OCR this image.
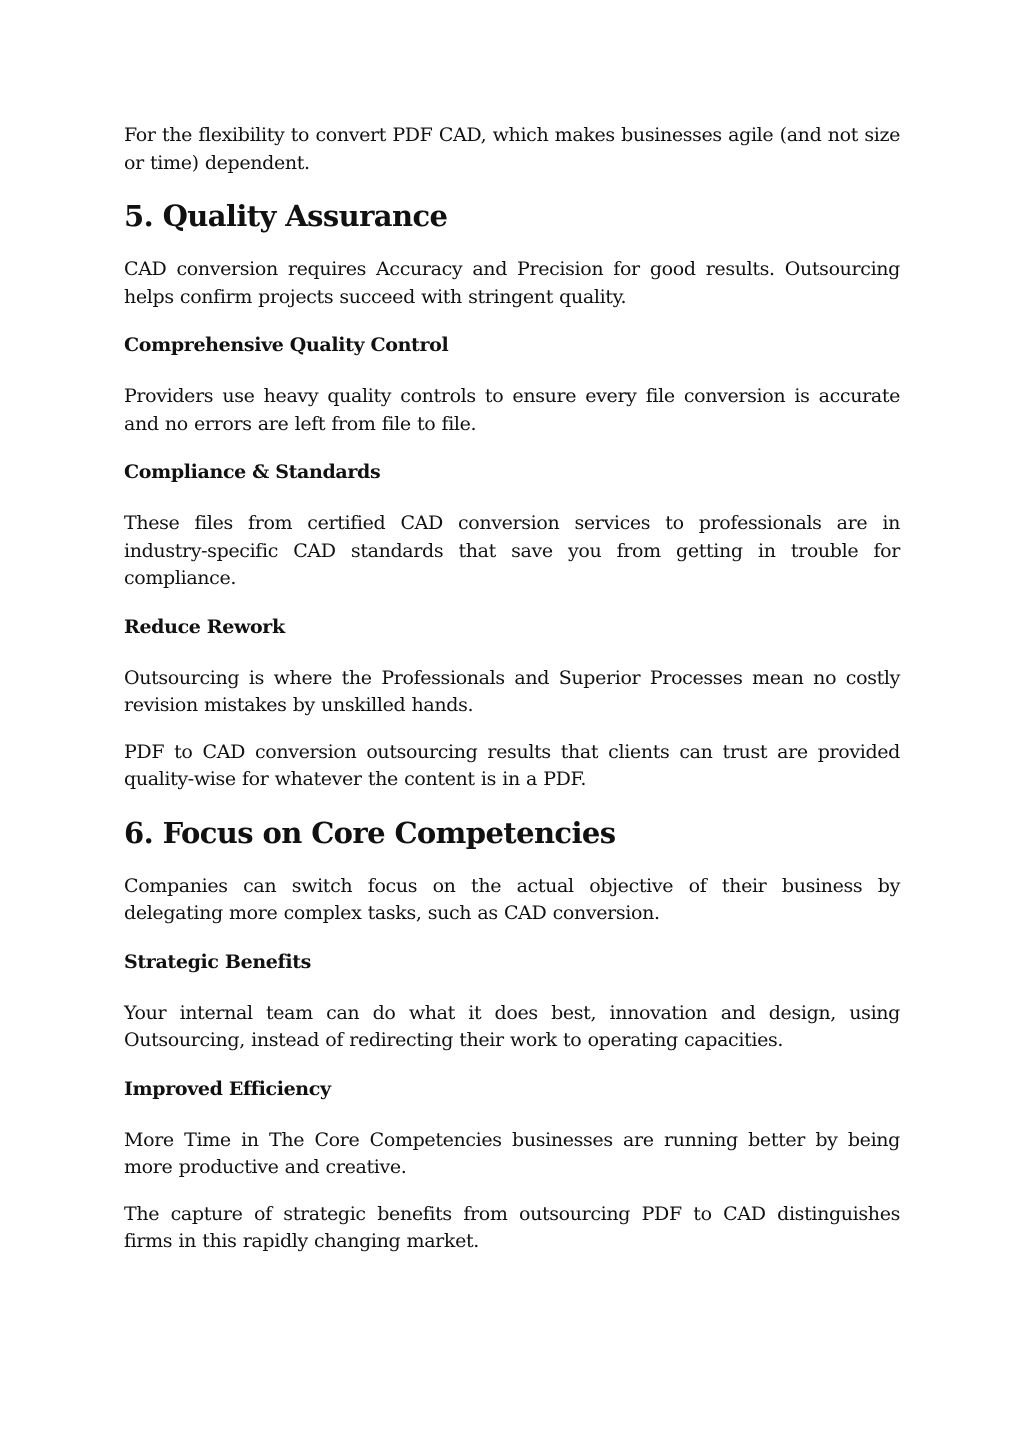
For the flexibility to convert PDF CAD, which makes businesses agile (and not size or time) dependent.

5. Quality Assurance

CAD conversion requires Accuracy and Precision for good results. Outsourcing helps confirm projects succeed with stringent quality.

Comprehensive Quality Control

Providers use heavy quality controls to ensure every file conversion is accurate and no errors are left from file to file.

Compliance & Standards

These files from certified CAD conversion services to professionals are in industry-specific CAD standards that save you from getting in trouble for compliance.

Reduce Rework

Outsourcing is where the Professionals and Superior Processes mean no costly revision mistakes by unskilled hands.

PDF to CAD conversion outsourcing results that clients can trust are provided quality-wise for whatever the content is in a PDF.

6. Focus on Core Competencies

Companies can switch focus on the actual objective of their business by delegating more complex tasks, such as CAD conversion.

Strategic Benefits

Your internal team can do what it does best, innovation and design, using Outsourcing, instead of redirecting their work to operating capacities.

Improved Efficiency

More Time in The Core Competencies businesses are running better by being more productive and creative.

The capture of strategic benefits from outsourcing PDF to CAD distinguishes firms in this rapidly changing market.
